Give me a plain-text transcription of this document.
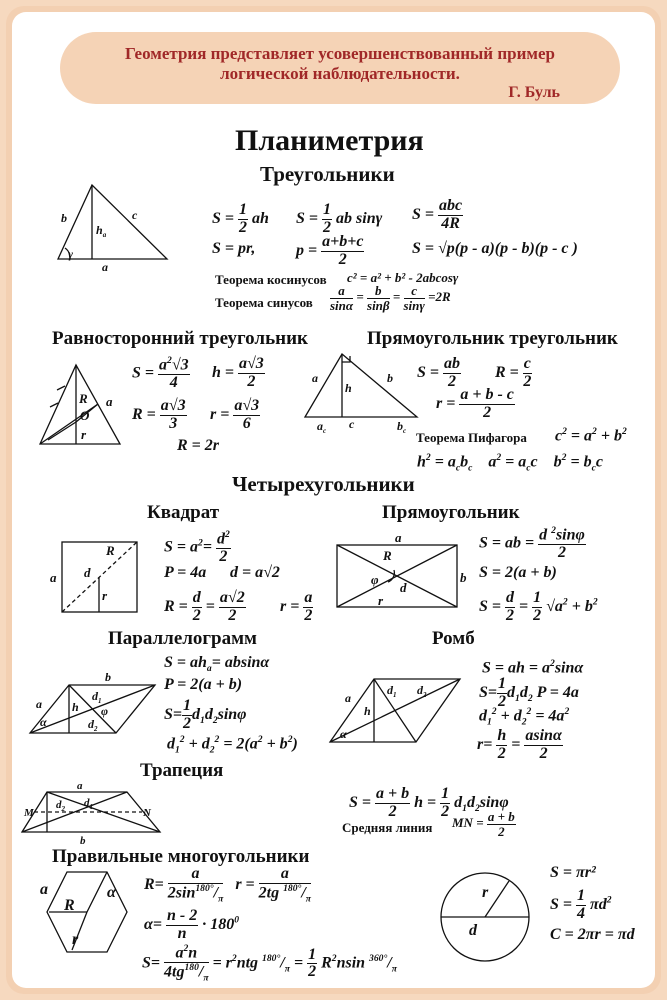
Геометрия представляет усовершенствованный пример
логической наблюдательности.
Г. Буль
Планиметрия
Треугольники
b	c
$h_a$
γ
a
R
O
r
a
a	b
h
$a_c$ c	$b_c$
a
R
d
r
a
b
R
φ
d
r
b
a
α
h
$d_1$
$d_2$
φ
a
h
$d_1$ $d_2$
α
a
M	N
$d_2$ $d_1$
b
a	α
R
r
r
d
$S = \frac{1}{2}$ ah $S = \frac{1}{2}$ ab sinγ S =
abc
4R
S = pr,	$p = \frac{a+b+c}{2}$	S = √p(p - a)(p - b)(p - c )
Теорема косинусов c² = a² + b² - 2abcosγ
Теорема синусов $\frac{a}{\sin\alpha} = \frac{b}{\sin\beta} = \frac{c}{\sin\gamma} =2R$
Равносторонний треугольник	Прямоугольник треугольник
$S = \frac{a^2√3}{4}$ $h = \frac{a√3}{2}$
$R = \frac{a√3}{3}$ $r = \frac{a√3}{6}$
R = 2r
$S = \frac{ab}{2}$ $R = \frac{c}{2}$
$r = \frac{a + b - c}{2}$
Теорема Пифагора $c^2 = a^2 + b^2$
$h^2 = a_cb_c$    $a^2 = a_cc$    $b^2 = b_cc$
Четырехугольники
Квадрат	Прямоугольник
$S = a^2= \frac{d^2}{2}$
P = 4a d = a√2
$R = \frac{d}{2} = \frac{a√2}{2}$ $r = \frac{a}{2}$
S = ab = $\frac{d ^2\sin\varphi}{2}$
S = 2(a + b)
$S = \frac{d}{2} = \frac{1}{2} √a^2 + b^2$
Параллелограмм	Ромб
$S = ah_a= absin\alpha$
P = 2(a + b)
$S= \frac{1}{2} d_1d_2\sin\varphi$
$d_1^2 + d_2^2 = 2(a^2 + b^2)$
S = ah = $a^2\sin\alpha$
$S= \frac{1}{2} d_1d_2$ P = 4a
$d_1^2 + d_2^2 = 4a^2$
$r= \frac{h}{2} = \frac{asin\alpha}{2}$
Трапеция
$S = \frac{a + b}{2}$ $h = \frac{1}{2} d_1d_2\sin\varphi$
Средняя линия MN = $\frac{a + b}{2}$
Правильные многоугольники
$R= \frac{a}{2\sin^{180^\circ}/_\pi}$ $r = \frac{a}{2tg ^{180^\circ}/_\pi}$
$\alpha= \frac{n - 2}{n} \cdot 180^0$
$S= \frac{a^2n}{4tg^{180}/_\pi} = r^2ntg$ $^{180^\circ}/_\pi = \frac{1}{2} R^2nsin$ $^{360^\circ}/_\pi$
S = πr²
$S = \frac{1}{4} \pi d^2$
C = 2πr = πd
